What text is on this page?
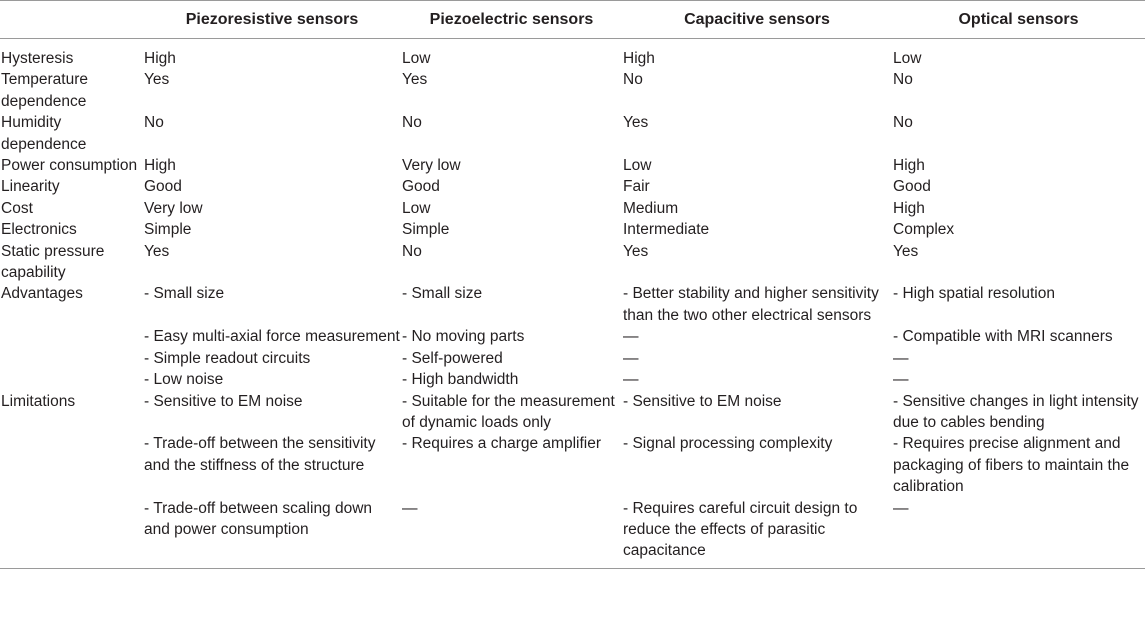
	Piezoresistive sensors	Piezoelectric sensors	Capacitive sensors	Optical sensors
Hysteresis	High	Low	High	Low
Temperature dependence	Yes	Yes	No	No
Humidity dependence	No	No	Yes	No
Power consumption	High	Very low	Low	High
Linearity	Good	Good	Fair	Good
Cost	Very low	Low	Medium	High
Electronics	Simple	Simple	Intermediate	Complex
Static pressure capability	Yes	No	Yes	Yes
Advantages	- Small size	- Small size	- Better stability and higher sensitivity than the two other electrical sensors	- High spatial resolution
	- Easy multi-axial force measurement	- No moving parts	—	- Compatible with MRI scanners
	- Simple readout circuits	- Self-powered	—	—
	- Low noise	- High bandwidth	—	—
Limitations	- Sensitive to EM noise	- Suitable for the measurement of dynamic loads only	- Sensitive to EM noise	- Sensitive changes in light intensity due to cables bending
	- Trade-off between the sensitivity and the stiffness of the structure	- Requires a charge amplifier	- Signal processing complexity	- Requires precise alignment and packaging of fibers to maintain the calibration
	- Trade-off between scaling down and power consumption	—	- Requires careful circuit design to reduce the effects of parasitic capacitance	—
